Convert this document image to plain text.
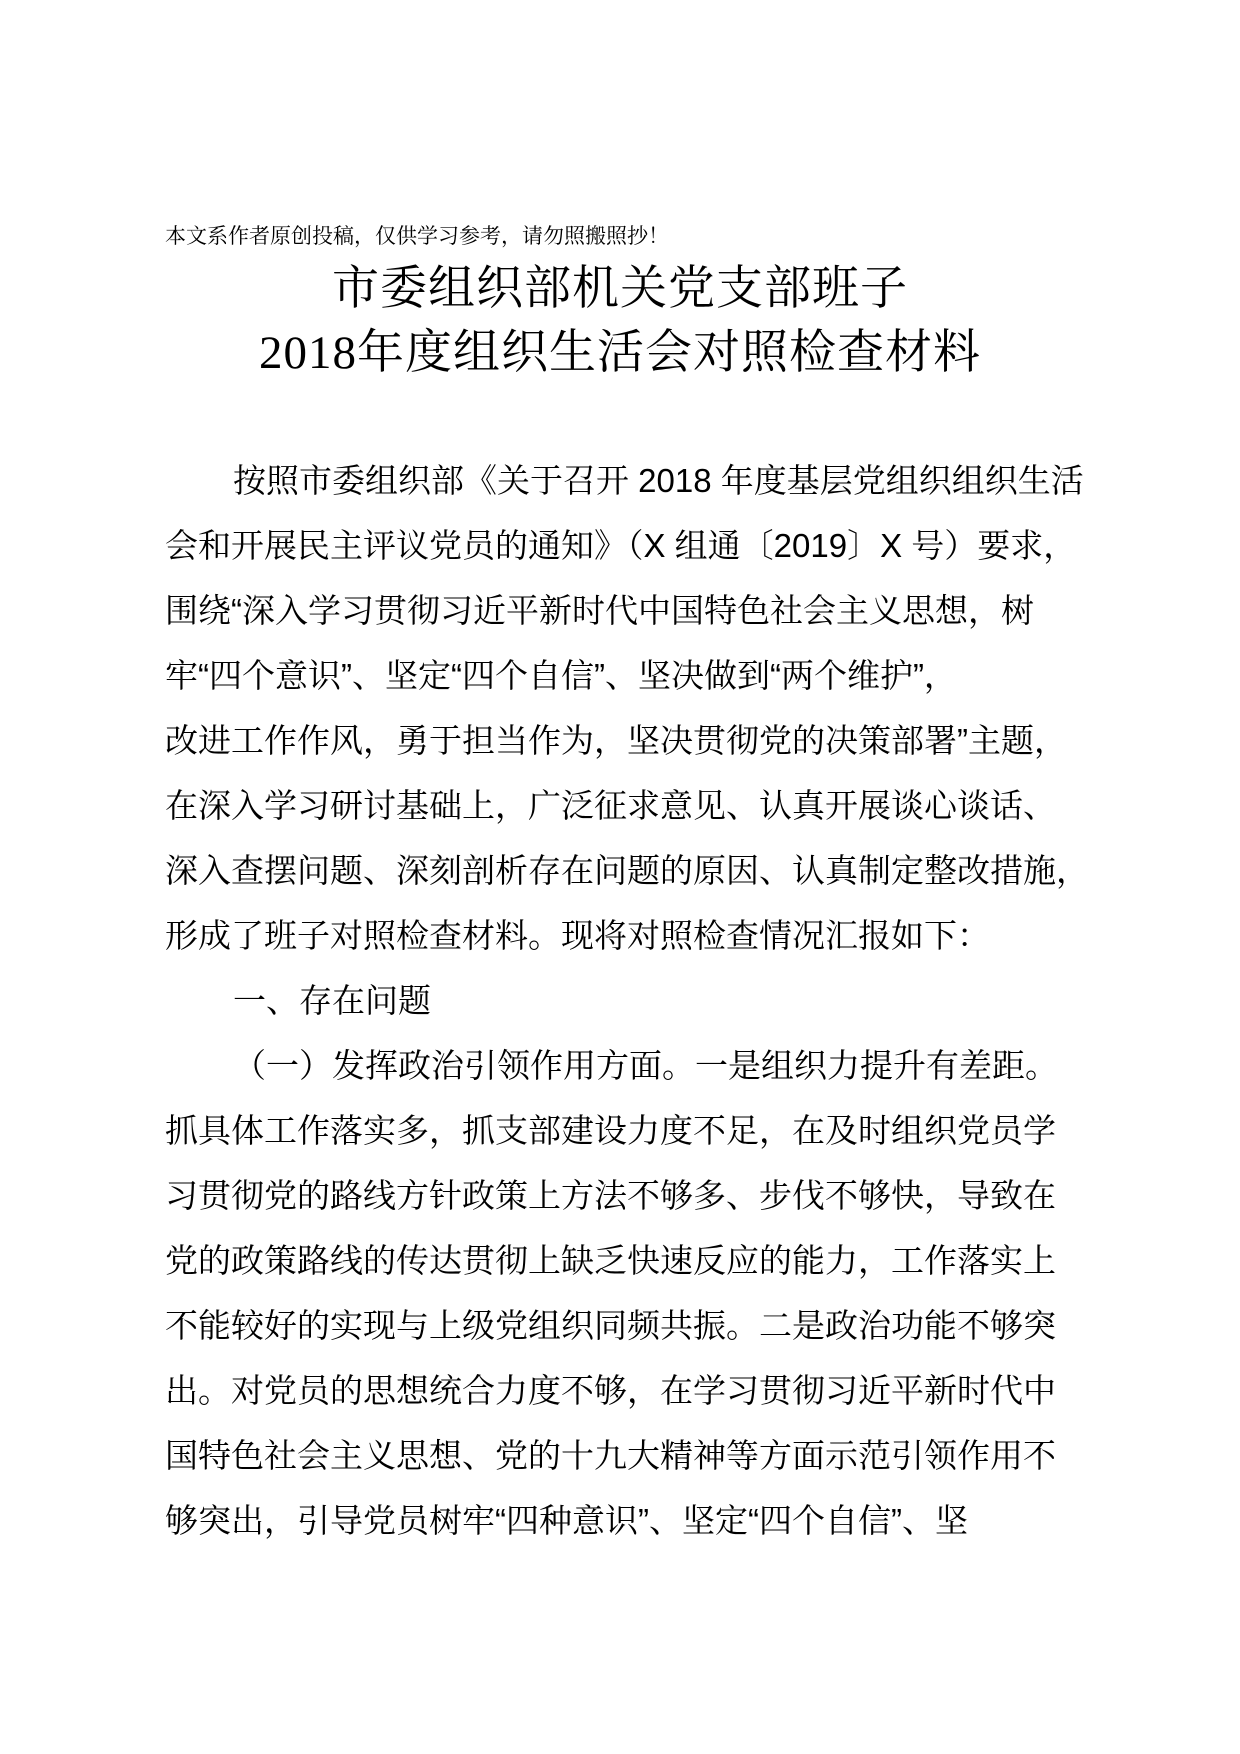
本文系作者原创投稿，仅供学习参考，请勿照搬照抄！
市委组织部机关党支部班子
2018年度组织生活会对照检查材料
按照市委组织部《关于召开 2018 年度基层党组织组织生活
会和开展民主评议党员的通知》（X 组通〔2019〕X 号）要求，
围绕“深入学习贯彻习近平新时代中国特色社会主义思想，树
牢“四个意识”、坚定“四个自信”、坚决做到“两个维护”，
改进工作作风，勇于担当作为，坚决贯彻党的决策部署”主题，
在深入学习研讨基础上，广泛征求意见、认真开展谈心谈话、
深入查摆问题、深刻剖析存在问题的原因、认真制定整改措施，
形成了班子对照检查材料。现将对照检查情况汇报如下：
一、存在问题
（一）发挥政治引领作用方面。一是组织力提升有差距。
抓具体工作落实多，抓支部建设力度不足，在及时组织党员学
习贯彻党的路线方针政策上方法不够多、步伐不够快，导致在
党的政策路线的传达贯彻上缺乏快速反应的能力，工作落实上
不能较好的实现与上级党组织同频共振。二是政治功能不够突
出。对党员的思想统合力度不够，在学习贯彻习近平新时代中
国特色社会主义思想、党的十九大精神等方面示范引领作用不
够突出，引导党员树牢“四种意识”、坚定“四个自信”、坚
